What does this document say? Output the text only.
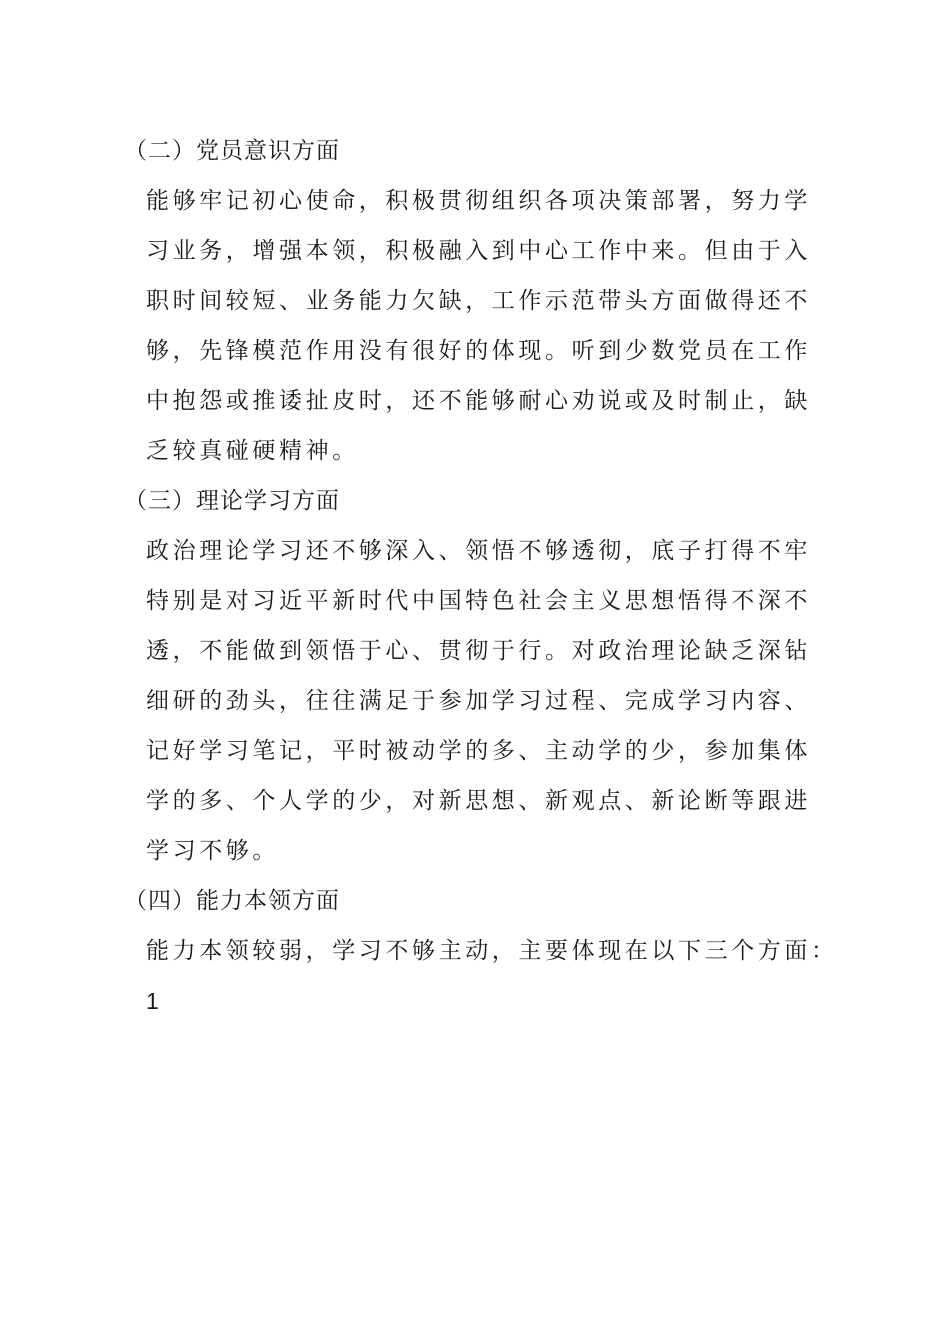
（二）党员意识方面
能够牢记初心使命，积极贯彻组织各项决策部署，努力学
习业务，增强本领，积极融入到中心工作中来。但由于入
职时间较短、业务能力欠缺，工作示范带头方面做得还不
够，先锋模范作用没有很好的体现。听到少数党员在工作
中抱怨或推诿扯皮时，还不能够耐心劝说或及时制止，缺
乏较真碰硬精神。
（三）理论学习方面
政治理论学习还不够深入、领悟不够透彻，底子打得不牢
特别是对习近平新时代中国特色社会主义思想悟得不深不
透，不能做到领悟于心、贯彻于行。对政治理论缺乏深钻
细研的劲头，往往满足于参加学习过程、完成学习内容、
记好学习笔记，平时被动学的多、主动学的少，参加集体
学的多、个人学的少，对新思想、新观点、新论断等跟进
学习不够。
（四）能力本领方面
能力本领较弱，学习不够主动，主要体现在以下三个方面：
1
